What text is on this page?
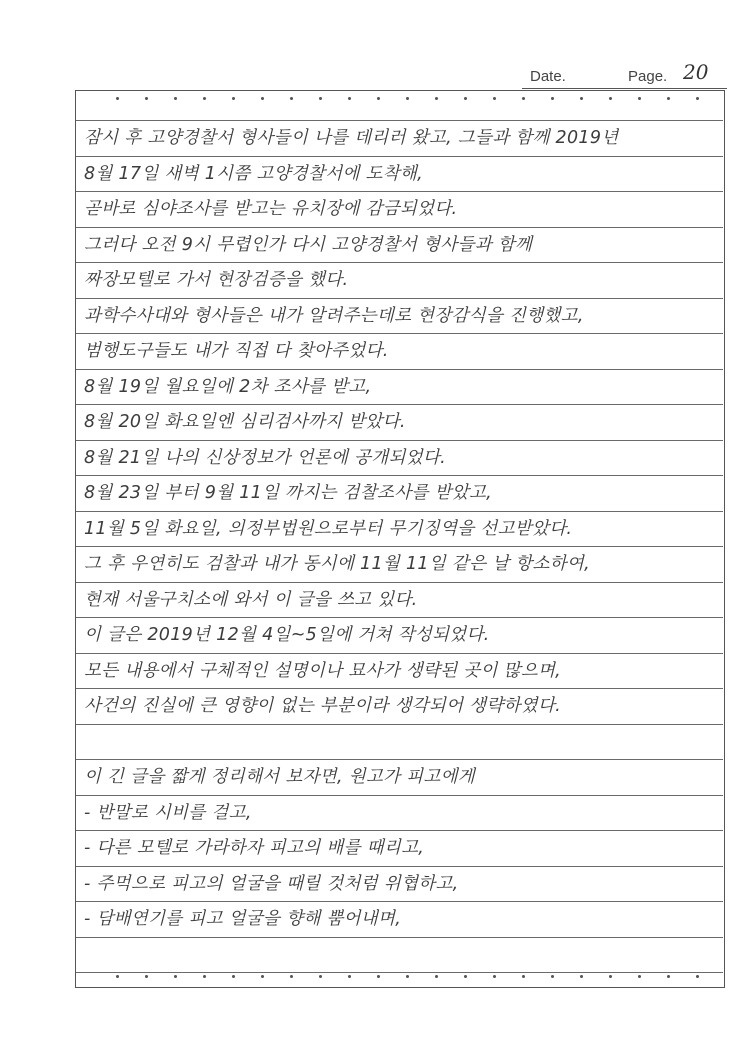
Date.	Page. 20
잠시 후 고양경찰서 형사들이 나를 데리러 왔고, 그들과 함께 2019년
8월 17일 새벽 1시쯤 고양경찰서에 도착해,
곧바로 심야조사를 받고는 유치장에 감금되었다.
그러다 오전 9시 무렵인가 다시 고양경찰서 형사들과 함께
짜장모텔로 가서 현장검증을 했다.
과학수사대와 형사들은 내가 알려주는데로 현장감식을 진행했고,
범행도구들도 내가 직접 다 찾아주었다.
8월 19일 월요일에 2차 조사를 받고,
8월 20일 화요일엔 심리검사까지 받았다.
8월 21일 나의 신상정보가 언론에 공개되었다.
8월 23일 부터 9월 11일 까지는 검찰조사를 받았고,
11월 5일 화요일, 의정부법원으로부터 무기징역을 선고받았다.
그 후 우연히도 검찰과 내가 동시에 11월 11일 같은 날 항소하여,
현재 서울구치소에 와서 이 글을 쓰고 있다.
이 글은 2019년 12월 4일~5일에 거쳐 작성되었다.
모든 내용에서 구체적인 설명이나 묘사가 생략된 곳이 많으며,
사건의 진실에 큰 영향이 없는 부분이라 생각되어 생략하였다.
이 긴 글을 짧게 정리해서 보자면, 원고가 피고에게
- 반말로 시비를 걸고,
- 다른 모텔로 가라하자 피고의 배를 때리고,
- 주먹으로 피고의 얼굴을 때릴 것처럼 위협하고,
- 담배연기를 피고 얼굴을 향해 뿜어내며,
